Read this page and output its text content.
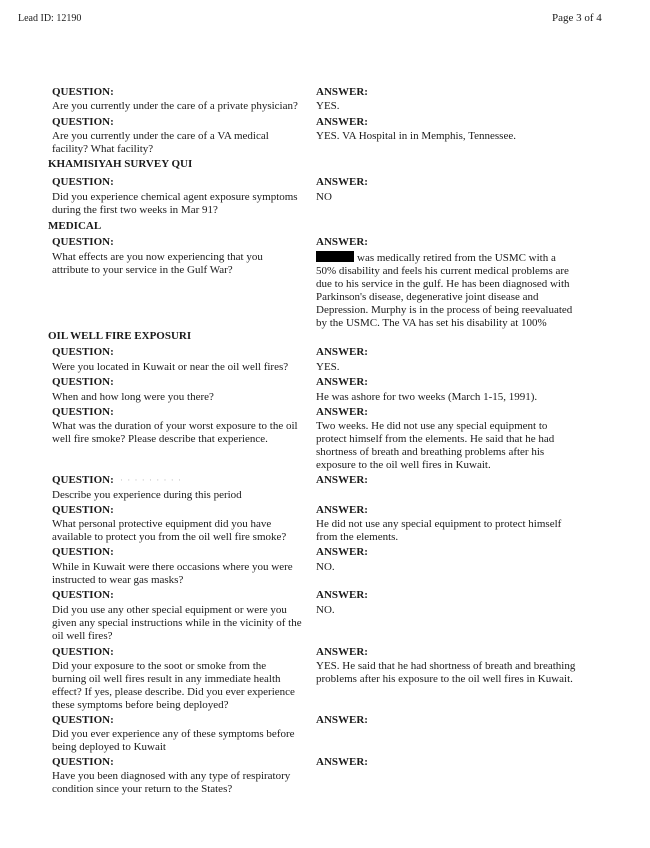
Lead ID: 12190	Page 3 of 4
QUESTION:
Are you currently under the care of a private physician?
ANSWER:
YES.
QUESTION:
Are you currently under the care of a VA medical facility? What facility?
ANSWER:
YES. VA Hospital in in Memphis, Tennessee.
KHAMISIYAH SURVEY QUI
QUESTION:
Did you experience chemical agent exposure symptoms during the first two weeks in Mar 91?
ANSWER:
NO
MEDICAL
QUESTION:
What effects are you now experiencing that you attribute to your service in the Gulf War?
ANSWER:
was medically retired from the USMC with a 50% disability and feels his current medical problems are due to his service in the gulf. He has been diagnosed with Parkinson's disease, degenerative joint disease and Depression. Murphy is in the process of being reevaluated by the USMC. The VA has set his disability at 100%
OIL WELL FIRE EXPOSURI
QUESTION:
Were you located in Kuwait or near the oil well fires?
ANSWER:
YES.
QUESTION:
When and how long were you there?
ANSWER:
He was ashore for two weeks (March 1-15, 1991).
QUESTION:
What was the duration of your worst exposure to the oil well fire smoke? Please describe that experience.
ANSWER:
Two weeks. He did not use any special equipment to protect himself from the elements. He said that he had shortness of breath and breathing problems after his exposure to the oil well fires in Kuwait.
QUESTION: · · · · · · · · ·
Describe you experience during this period
ANSWER:
QUESTION:
What personal protective equipment did you have available to protect you from the oil well fire smoke?
ANSWER:
He did not use any special equipment to protect himself from the elements.
QUESTION:
While in Kuwait were there occasions where you were instructed to wear gas masks?
ANSWER:
NO.
QUESTION:
Did you use any other special equipment or were you given any special instructions while in the vicinity of the oil well fires?
ANSWER:
NO.
QUESTION:
Did your exposure to the soot or smoke from the burning oil well fires result in any immediate health effect? If yes, please describe. Did you ever experience these symptoms before being deployed?
ANSWER:
YES. He said that he had shortness of breath and breathing problems after his exposure to the oil well fires in Kuwait.
QUESTION:
Did you ever experience any of these symptoms before being deployed to Kuwait
ANSWER:
QUESTION:
Have you been diagnosed with any type of respiratory condition since your return to the States?
ANSWER:
